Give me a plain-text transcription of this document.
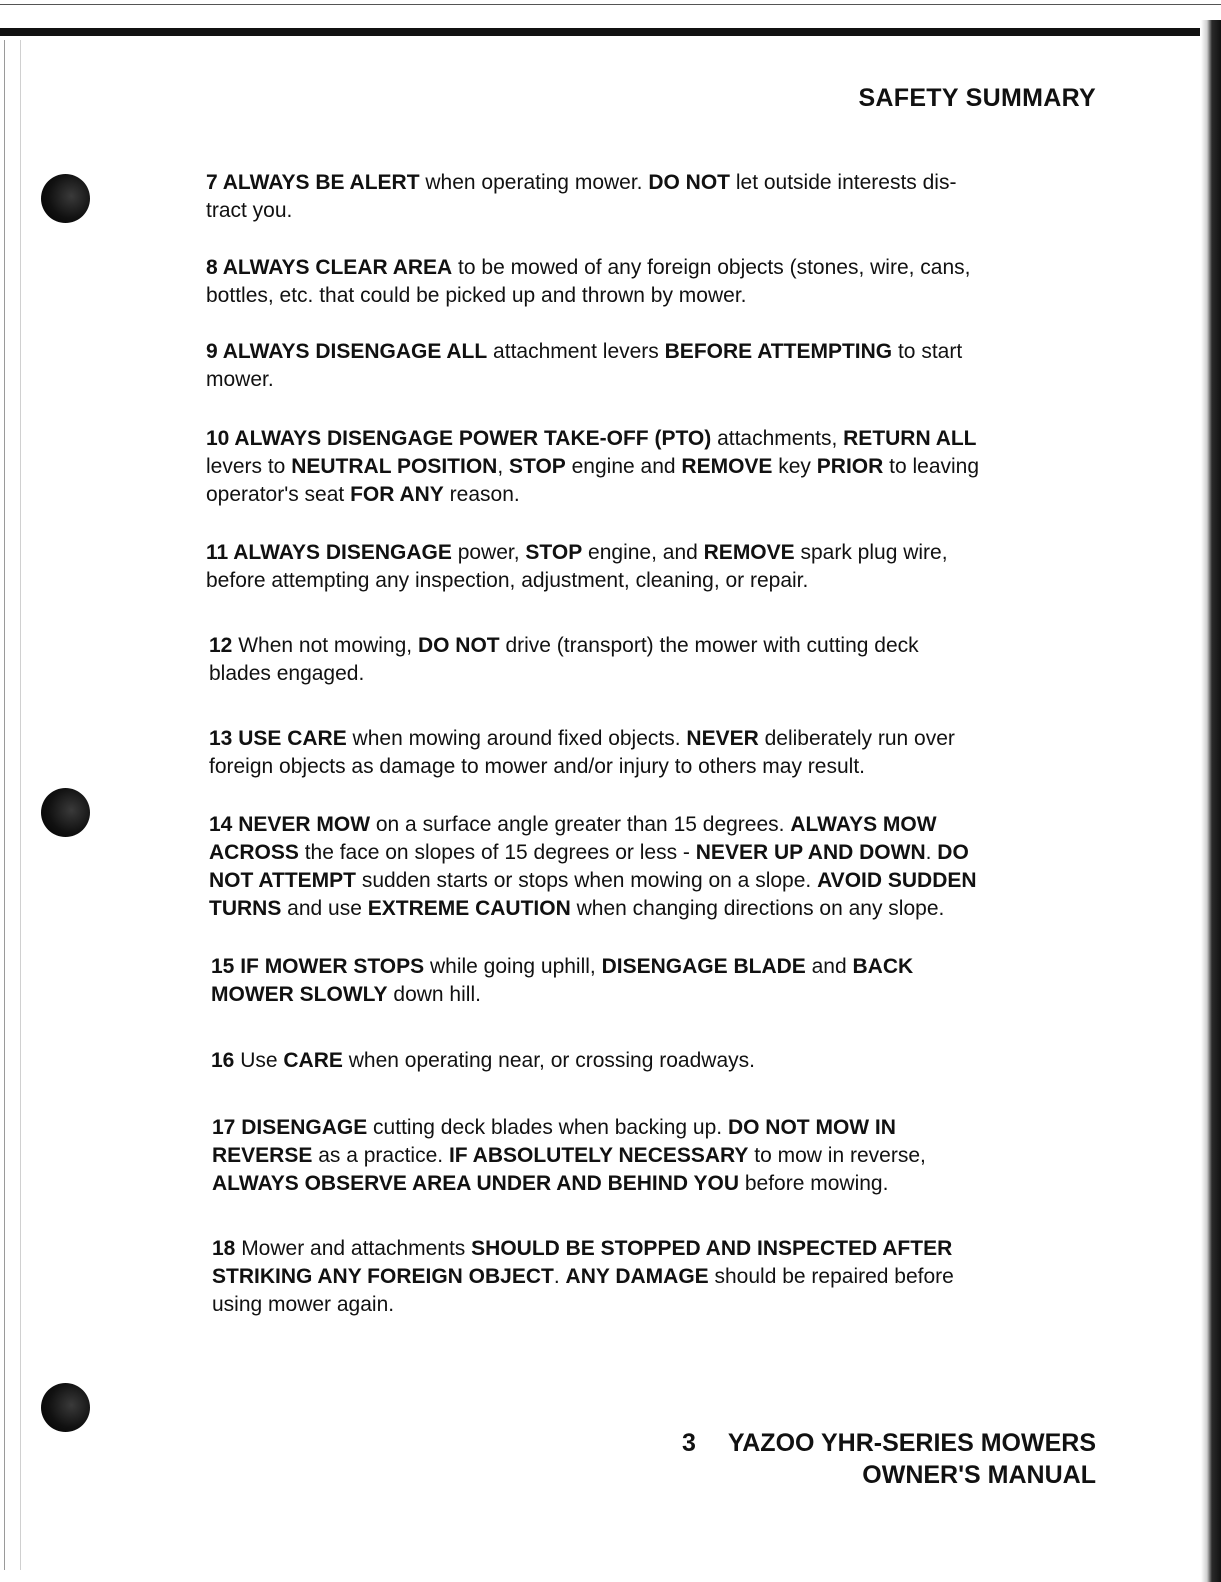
SAFETY SUMMARY
7 ALWAYS BE ALERT when operating mower. DO NOT let outside interests dis-
tract you.
8 ALWAYS CLEAR AREA to be mowed of any foreign objects (stones, wire, cans,
bottles, etc. that could be picked up and thrown by mower.
9 ALWAYS DISENGAGE ALL attachment levers BEFORE ATTEMPTING to start
mower.
10 ALWAYS DISENGAGE POWER TAKE-OFF (PTO) attachments, RETURN ALL
levers to NEUTRAL POSITION, STOP engine and REMOVE key PRIOR to leaving
operator's seat FOR ANY reason.
11 ALWAYS DISENGAGE power, STOP engine, and REMOVE spark plug wire,
before attempting any inspection, adjustment, cleaning, or repair.
12 When not mowing, DO NOT drive (transport) the mower with cutting deck
blades engaged.
13 USE CARE when mowing around fixed objects. NEVER deliberately run over
foreign objects as damage to mower and/or injury to others may result.
14 NEVER MOW on a surface angle greater than 15 degrees. ALWAYS MOW
ACROSS the face on slopes of 15 degrees or less - NEVER UP AND DOWN. DO
NOT ATTEMPT sudden starts or stops when mowing on a slope. AVOID SUDDEN
TURNS and use EXTREME CAUTION when changing directions on any slope.
15 IF MOWER STOPS while going uphill, DISENGAGE BLADE and BACK
MOWER SLOWLY down hill.
16 Use CARE when operating near, or crossing roadways.
17 DISENGAGE cutting deck blades when backing up. DO NOT MOW IN
REVERSE as a practice. IF ABSOLUTELY NECESSARY to mow in reverse,
ALWAYS OBSERVE AREA UNDER AND BEHIND YOU before mowing.
18 Mower and attachments SHOULD BE STOPPED AND INSPECTED AFTER
STRIKING ANY FOREIGN OBJECT. ANY DAMAGE should be repaired before
using mower again.
3 YAZOO YHR-SERIES MOWERS
OWNER'S MANUAL
